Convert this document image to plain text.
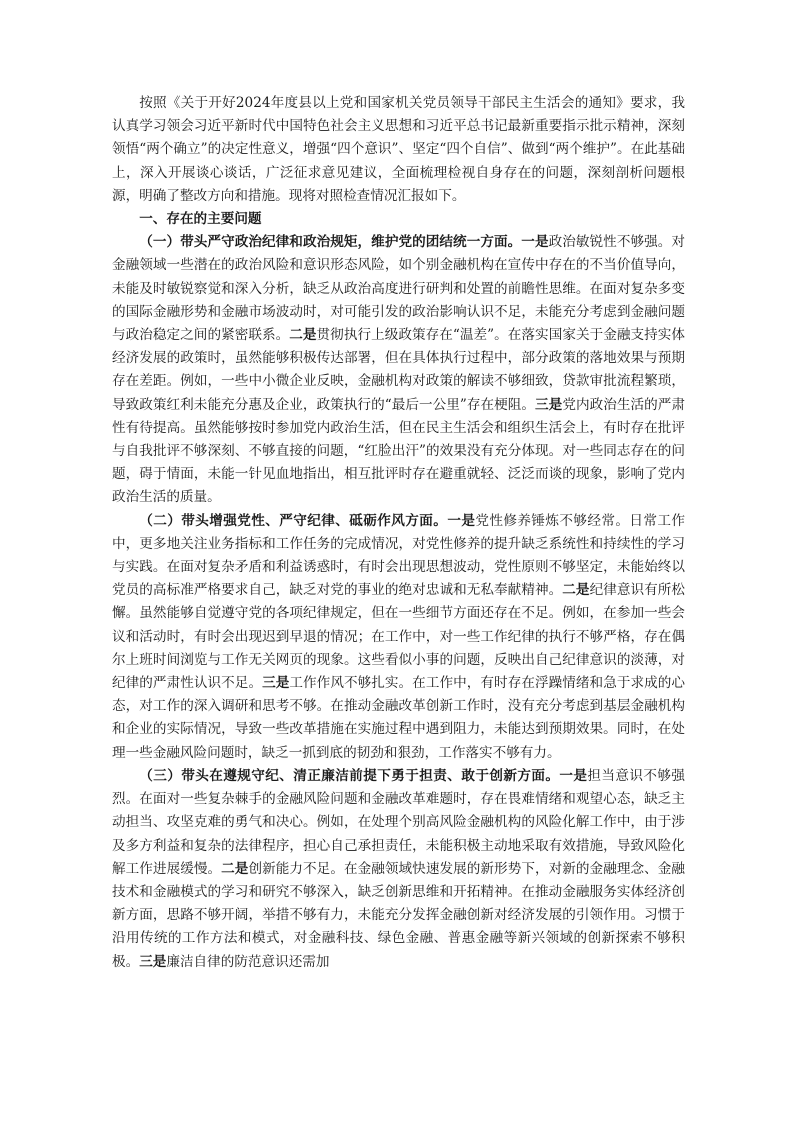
按照《关于开好2024年度县以上党和国家机关党员领导干部民主生活会的通知》要求，我认真学习领会习近平新时代中国特色社会主义思想和习近平总书记最新重要指示批示精神，深刻领悟“两个确立”的决定性意义，增强“四个意识”、坚定“四个自信”、做到“两个维护”。在此基础上，深入开展谈心谈话，广泛征求意见建议，全面梳理检视自身存在的问题，深刻剖析问题根源，明确了整改方向和措施。现将对照检查情况汇报如下。

一、存在的主要问题

（一）带头严守政治纪律和政治规矩，维护党的团结统一方面。一是政治敏锐性不够强。对金融领域一些潜在的政治风险和意识形态风险，如个别金融机构在宣传中存在的不当价值导向，未能及时敏锐察觉和深入分析，缺乏从政治高度进行研判和处置的前瞻性思维。在面对复杂多变的国际金融形势和金融市场波动时，对可能引发的政治影响认识不足，未能充分考虑到金融问题与政治稳定之间的紧密联系。二是贯彻执行上级政策存在“温差”。在落实国家关于金融支持实体经济发展的政策时，虽然能够积极传达部署，但在具体执行过程中，部分政策的落地效果与预期存在差距。例如，一些中小微企业反映，金融机构对政策的解读不够细致，贷款审批流程繁琐，导致政策红利未能充分惠及企业，政策执行的“最后一公里”存在梗阻。三是党内政治生活的严肃性有待提高。虽然能够按时参加党内政治生活，但在民主生活会和组织生活会上，有时存在批评与自我批评不够深刻、不够直接的问题，“红脸出汗”的效果没有充分体现。对一些同志存在的问题，碍于情面，未能一针见血地指出，相互批评时存在避重就轻、泛泛而谈的现象，影响了党内政治生活的质量。

（二）带头增强党性、严守纪律、砥砺作风方面。一是党性修养锤炼不够经常。日常工作中，更多地关注业务指标和工作任务的完成情况，对党性修养的提升缺乏系统性和持续性的学习与实践。在面对复杂矛盾和利益诱惑时，有时会出现思想波动，党性原则不够坚定，未能始终以党员的高标准严格要求自己，缺乏对党的事业的绝对忠诚和无私奉献精神。二是纪律意识有所松懈。虽然能够自觉遵守党的各项纪律规定，但在一些细节方面还存在不足。例如，在参加一些会议和活动时，有时会出现迟到早退的情况；在工作中，对一些工作纪律的执行不够严格，存在偶尔上班时间浏览与工作无关网页的现象。这些看似小事的问题，反映出自己纪律意识的淡薄，对纪律的严肃性认识不足。三是工作作风不够扎实。在工作中，有时存在浮躁情绪和急于求成的心态，对工作的深入调研和思考不够。在推动金融改革创新工作时，没有充分考虑到基层金融机构和企业的实际情况，导致一些改革措施在实施过程中遇到阻力，未能达到预期效果。同时，在处理一些金融风险问题时，缺乏一抓到底的韧劲和狠劲，工作落实不够有力。

（三）带头在遵规守纪、清正廉洁前提下勇于担责、敢于创新方面。一是担当意识不够强烈。在面对一些复杂棘手的金融风险问题和金融改革难题时，存在畏难情绪和观望心态，缺乏主动担当、攻坚克难的勇气和决心。例如，在处理个别高风险金融机构的风险化解工作中，由于涉及多方利益和复杂的法律程序，担心自己承担责任，未能积极主动地采取有效措施，导致风险化解工作进展缓慢。二是创新能力不足。在金融领域快速发展的新形势下，对新的金融理念、金融技术和金融模式的学习和研究不够深入，缺乏创新思维和开拓精神。在推动金融服务实体经济创新方面，思路不够开阔，举措不够有力，未能充分发挥金融创新对经济发展的引领作用。习惯于沿用传统的工作方法和模式，对金融科技、绿色金融、普惠金融等新兴领域的创新探索不够积极。三是廉洁自律的防范意识还需加
